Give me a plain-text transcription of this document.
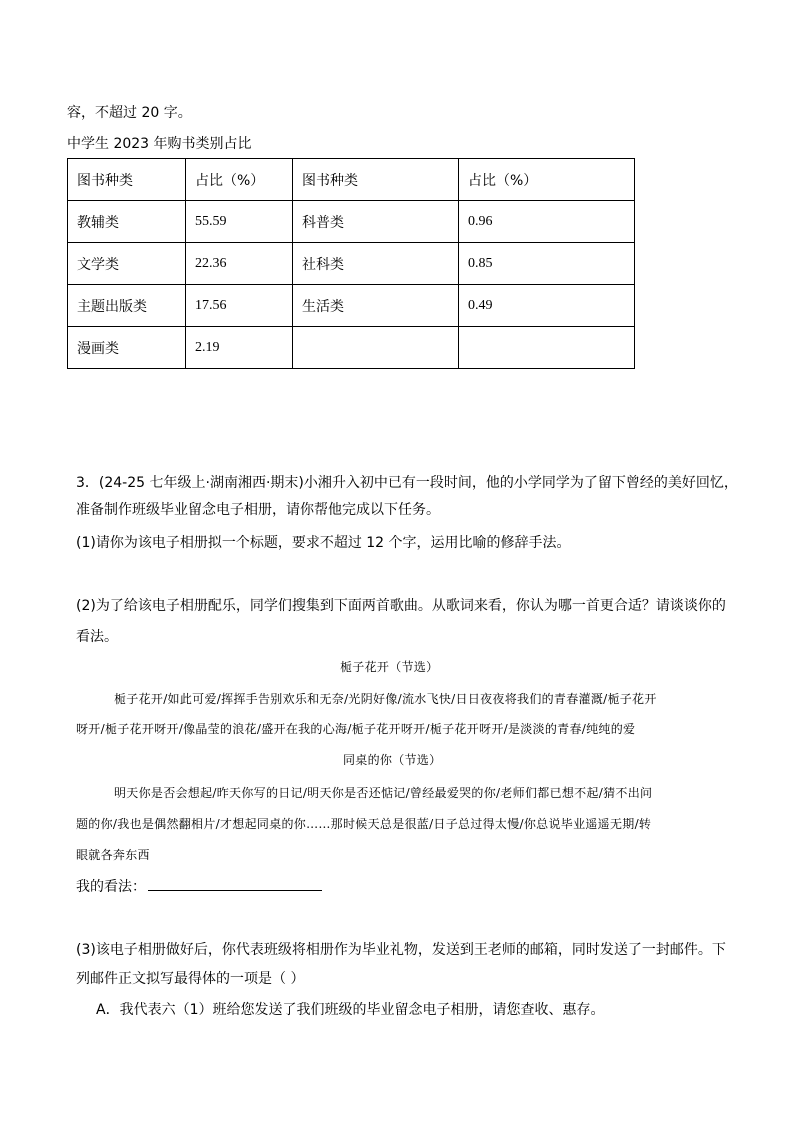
容，不超过 20 字。
中学生 2023 年购书类别占比
图书种类	占比（%）	图书种类	占比（%）
教辅类	55.59	科普类	0.96
文学类	22.36	社科类	0.85
主题出版类	17.56	生活类	0.49
漫画类	2.19		
3．(24-25 七年级上·湖南湘西·期末)小湘升入初中已有一段时间，他的小学同学为了留下曾经的美好回忆，
准备制作班级毕业留念电子相册，请你帮他完成以下任务。
(1)请你为该电子相册拟一个标题，要求不超过 12 个字，运用比喻的修辞手法。
(2)为了给该电子相册配乐，同学们搜集到下面两首歌曲。从歌词来看，你认为哪一首更合适？请谈谈你的
看法。
栀子花开（节选）
栀子花开/如此可爱/挥挥手告别欢乐和无奈/光阴好像/流水飞快/日日夜夜将我们的青春灌溉/栀子花开
呀开/栀子花开呀开/像晶莹的浪花/盛开在我的心海/栀子花开呀开/栀子花开呀开/是淡淡的青春/纯纯的爱
同桌的你（节选）
明天你是否会想起/昨天你写的日记/明天你是否还惦记/曾经最爱哭的你/老师们都已想不起/猜不出问
题的你/我也是偶然翻相片/才想起同桌的你……那时候天总是很蓝/日子总过得太慢/你总说毕业遥遥无期/转
眼就各奔东西
我的看法：
(3)该电子相册做好后，你代表班级将相册作为毕业礼物，发送到王老师的邮箱，同时发送了一封邮件。下
列邮件正文拟写最得体的一项是（ ）
A．我代表六（1）班给您发送了我们班级的毕业留念电子相册，请您查收、惠存。
